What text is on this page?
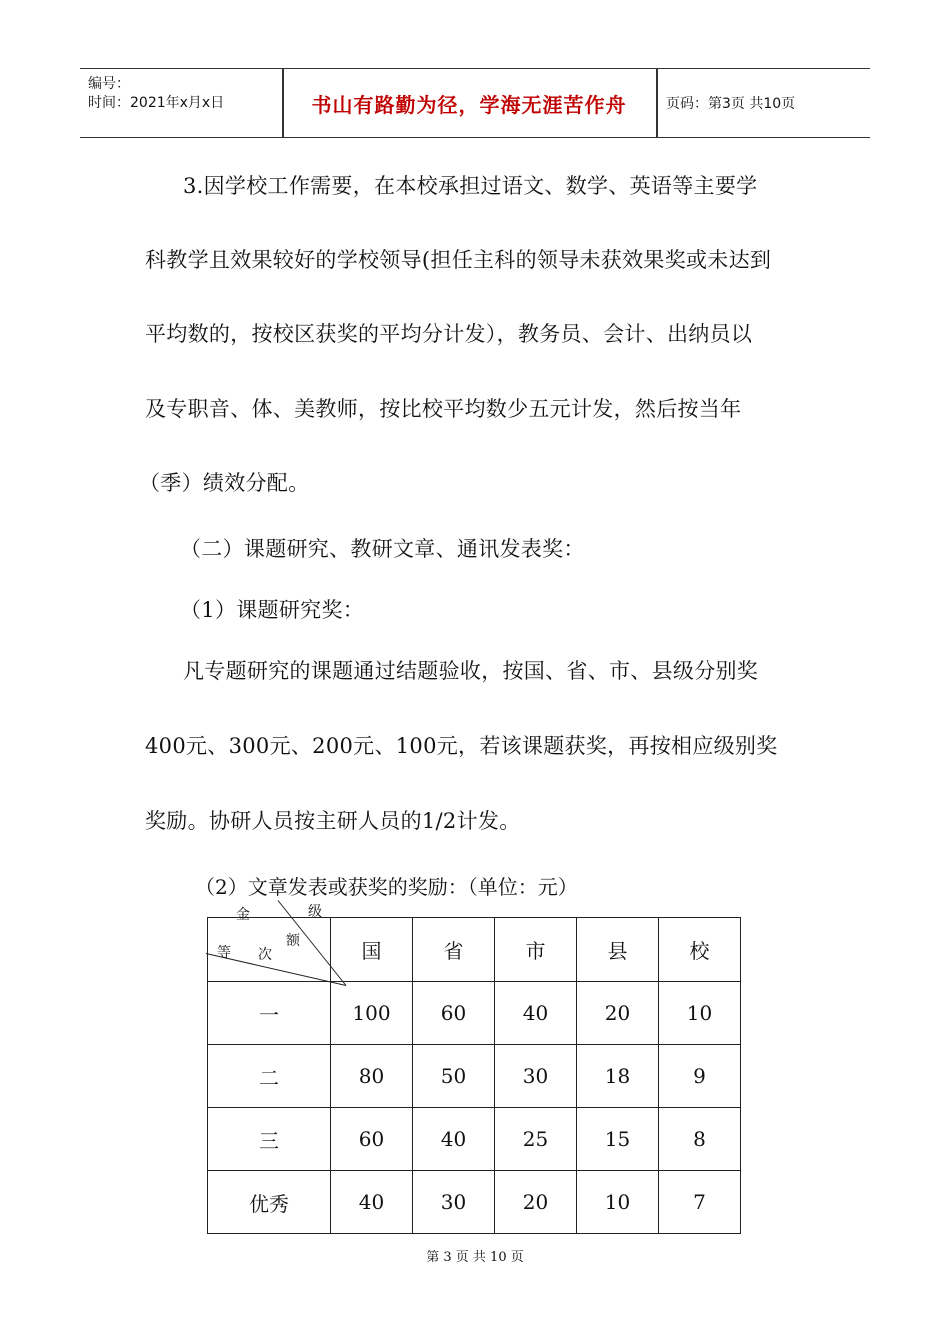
编号：
时间：2021年x月x日	书山有路勤为径，学海无涯苦作舟	页码：第3页 共10页
3.因学校工作需要，在本校承担过语文、数学、英语等主要学
科教学且效果较好的学校领导(担任主科的领导未获效果奖或未达到
平均数的，按校区获奖的平均分计发），教务员、会计、出纳员以
及专职音、体、美教师，按比校平均数少五元计发，然后按当年
（季）绩效分配。
（二）课题研究、教研文章、通讯发表奖：
（1）课题研究奖：
凡专题研究的课题通过结题验收，按国、省、市、县级分别奖
400元、300元、200元、100元，若该课题获奖，再按相应级别奖
奖励。协研人员按主研人员的1/2计发。
（2）文章发表或获奖的奖励：（单位：元）
金 级
额
等 次	国	省	市	县	校
一	100	60	40	20	10
二	80	50	30	18	9
三	60	40	25	15	8
优秀	40	30	20	10	7
第 3 页 共 10 页
